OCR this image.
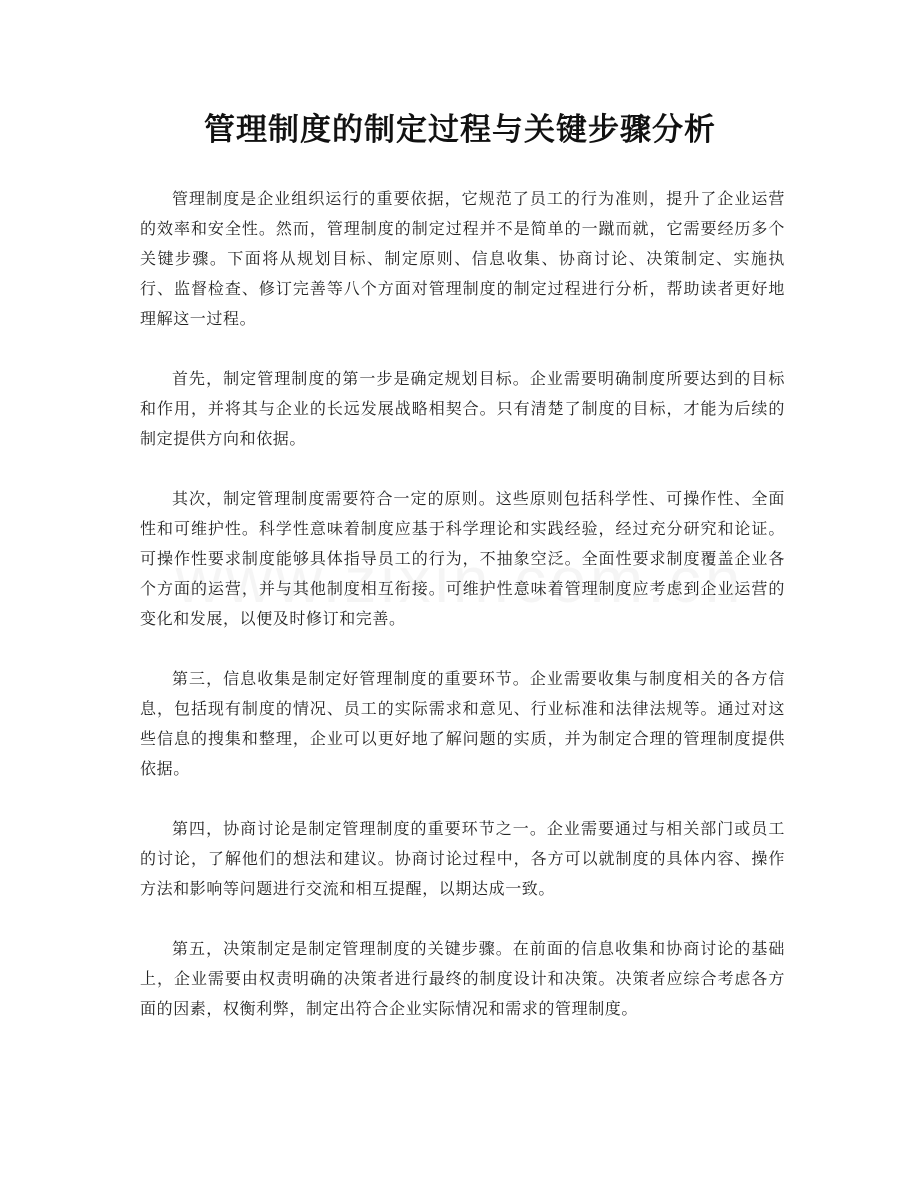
管理制度的制定过程与关键步骤分析

管理制度是企业组织运行的重要依据，它规范了员工的行为准则，提升了企业运营的效率和安全性。然而，管理制度的制定过程并不是简单的一蹴而就，它需要经历多个关键步骤。下面将从规划目标、制定原则、信息收集、协商讨论、决策制定、实施执行、监督检查、修订完善等八个方面对管理制度的制定过程进行分析，帮助读者更好地理解这一过程。

首先，制定管理制度的第一步是确定规划目标。企业需要明确制度所要达到的目标和作用，并将其与企业的长远发展战略相契合。只有清楚了制度的目标，才能为后续的制定提供方向和依据。

其次，制定管理制度需要符合一定的原则。这些原则包括科学性、可操作性、全面性和可维护性。科学性意味着制度应基于科学理论和实践经验，经过充分研究和论证。可操作性要求制度能够具体指导员工的行为，不抽象空泛。全面性要求制度覆盖企业各个方面的运营，并与其他制度相互衔接。可维护性意味着管理制度应考虑到企业运营的变化和发展，以便及时修订和完善。

第三，信息收集是制定好管理制度的重要环节。企业需要收集与制度相关的各方信息，包括现有制度的情况、员工的实际需求和意见、行业标准和法律法规等。通过对这些信息的搜集和整理，企业可以更好地了解问题的实质，并为制定合理的管理制度提供依据。

第四，协商讨论是制定管理制度的重要环节之一。企业需要通过与相关部门或员工的讨论，了解他们的想法和建议。协商讨论过程中，各方可以就制度的具体内容、操作方法和影响等问题进行交流和相互提醒，以期达成一致。

第五，决策制定是制定管理制度的关键步骤。在前面的信息收集和协商讨论的基础上，企业需要由权责明确的决策者进行最终的制度设计和决策。决策者应综合考虑各方面的因素，权衡利弊，制定出符合企业实际情况和需求的管理制度。
